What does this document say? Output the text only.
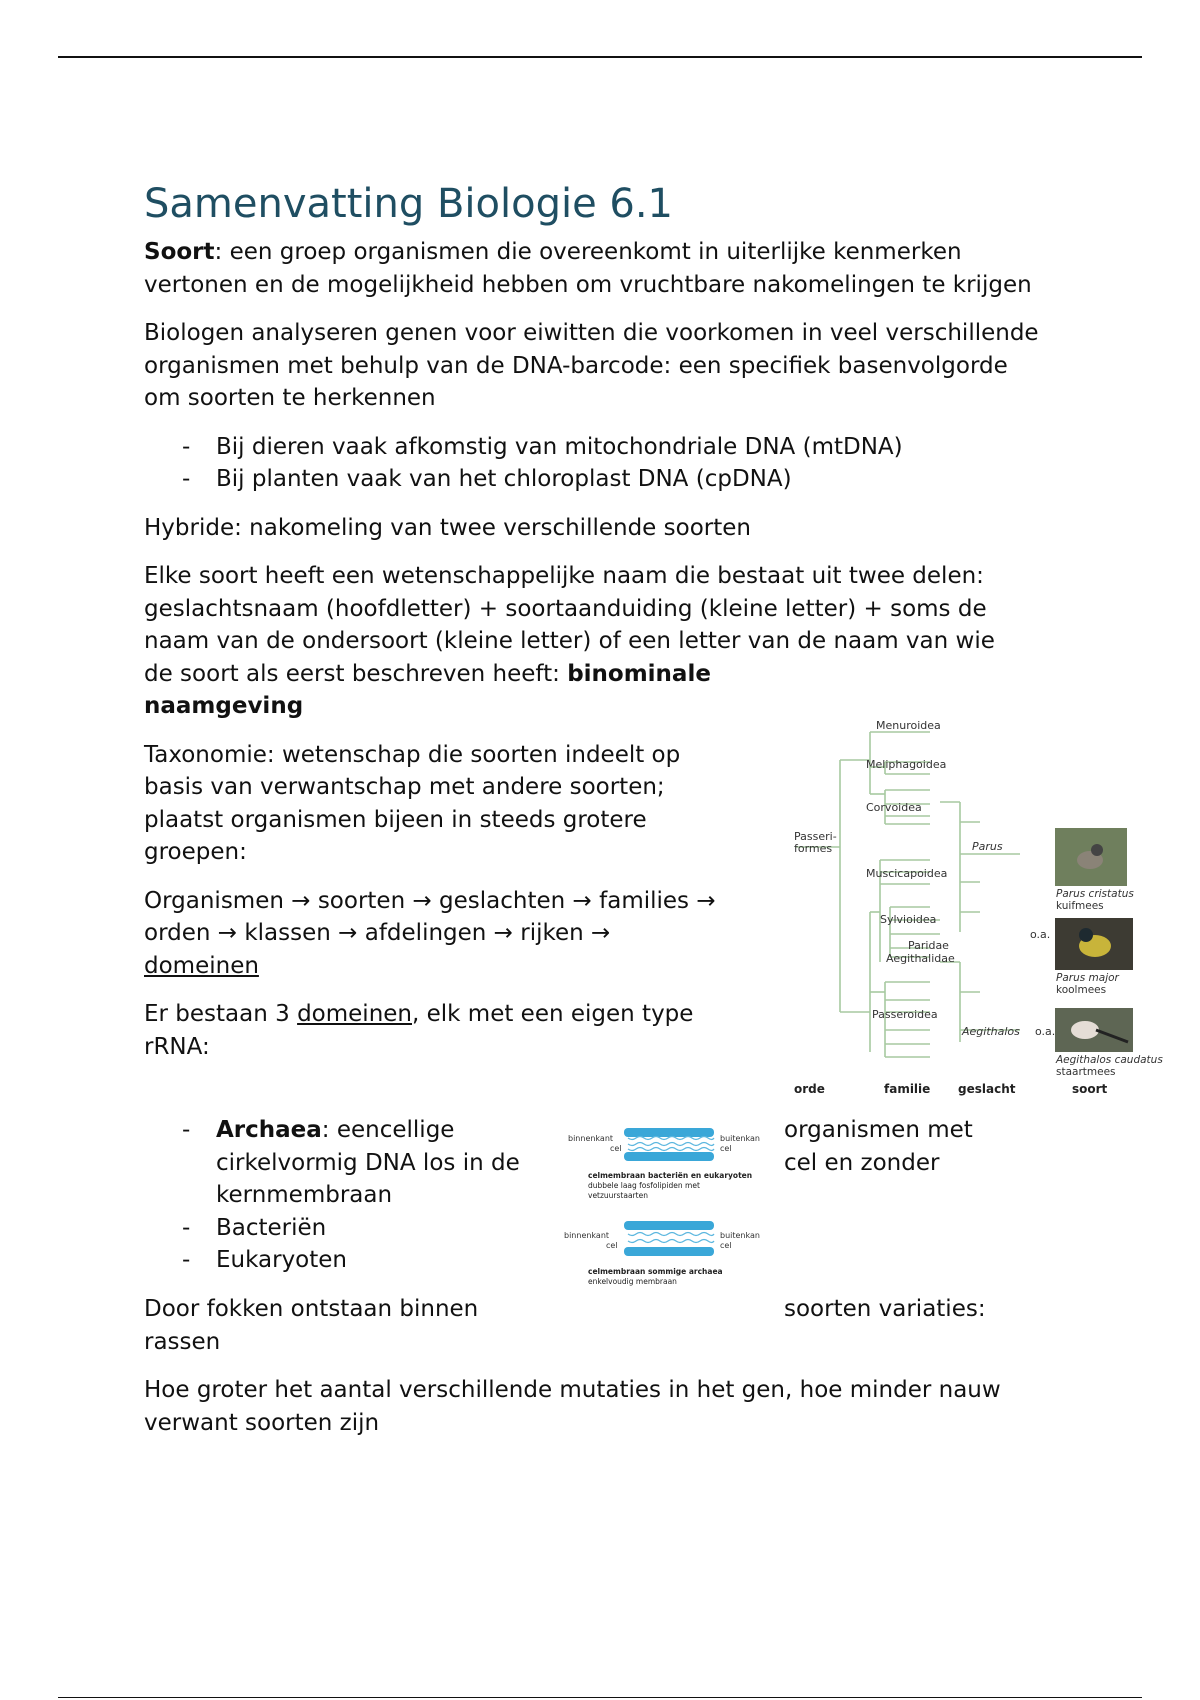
Samenvatting Biologie 6.1

Soort: een groep organismen die overeenkomt in uiterlijke kenmerken vertonen en de mogelijkheid hebben om vruchtbare nakomelingen te krijgen

Biologen analyseren genen voor eiwitten die voorkomen in veel verschillende organismen met behulp van de DNA-barcode: een specifiek basenvolgorde om soorten te herkennen

- Bij dieren vaak afkomstig van mitochondriale DNA (mtDNA)
- Bij planten vaak van het chloroplast DNA (cpDNA)

Hybride: nakomeling van twee verschillende soorten

Elke soort heeft een wetenschappelijke naam die bestaat uit twee delen:
geslachtsnaam (hoofdletter) + soortaanduiding (kleine letter) + soms de
naam van de ondersoort (kleine letter) of een letter van de naam van wie
de soort als eerst beschreven heeft: binominale
naamgeving

Taxonomie: wetenschap die soorten indeelt op
basis van verwantschap met andere soorten;
plaatst organismen bijeen in steeds grotere
groepen:

Organismen → soorten → geslachten → families →
orden → klassen → afdelingen → rijken →
domeinen

Er bestaan 3 domeinen, elk met een eigen type
rRNA:

- Archaea: eencellige
cirkelvormig DNA los in de
kernmembraan
- Bacteriën
- Eukaryoten
organismen met
cel en zonder
Door fokken ontstaan binnen	soorten variaties:
rassen
Hoe groter het aantal verschillende mutaties in het gen, hoe minder nauw verwant soorten zijn
Menuroidea
Meliphagoidea
Corvoidea
Muscicapoidea
Sylvioidea
Paridae
Aegithalidae
Passeroidea
Passeri-
formes	Parus
Aegithalos
o.a.
o.a.
Parus cristatus
Parus major
Aegithalos caudatus
kuifmees
koolmees
staartmees
orde	familie geslacht	soort
binnenkant
cel
buitenkan
cel
binnenkant
cel
buitenkan
cel
celmembraan bacteriën en eukaryoten
dubbele laag fosfolipiden met
vetzuurstaarten
celmembraan sommige archaea
enkelvoudig membraan
